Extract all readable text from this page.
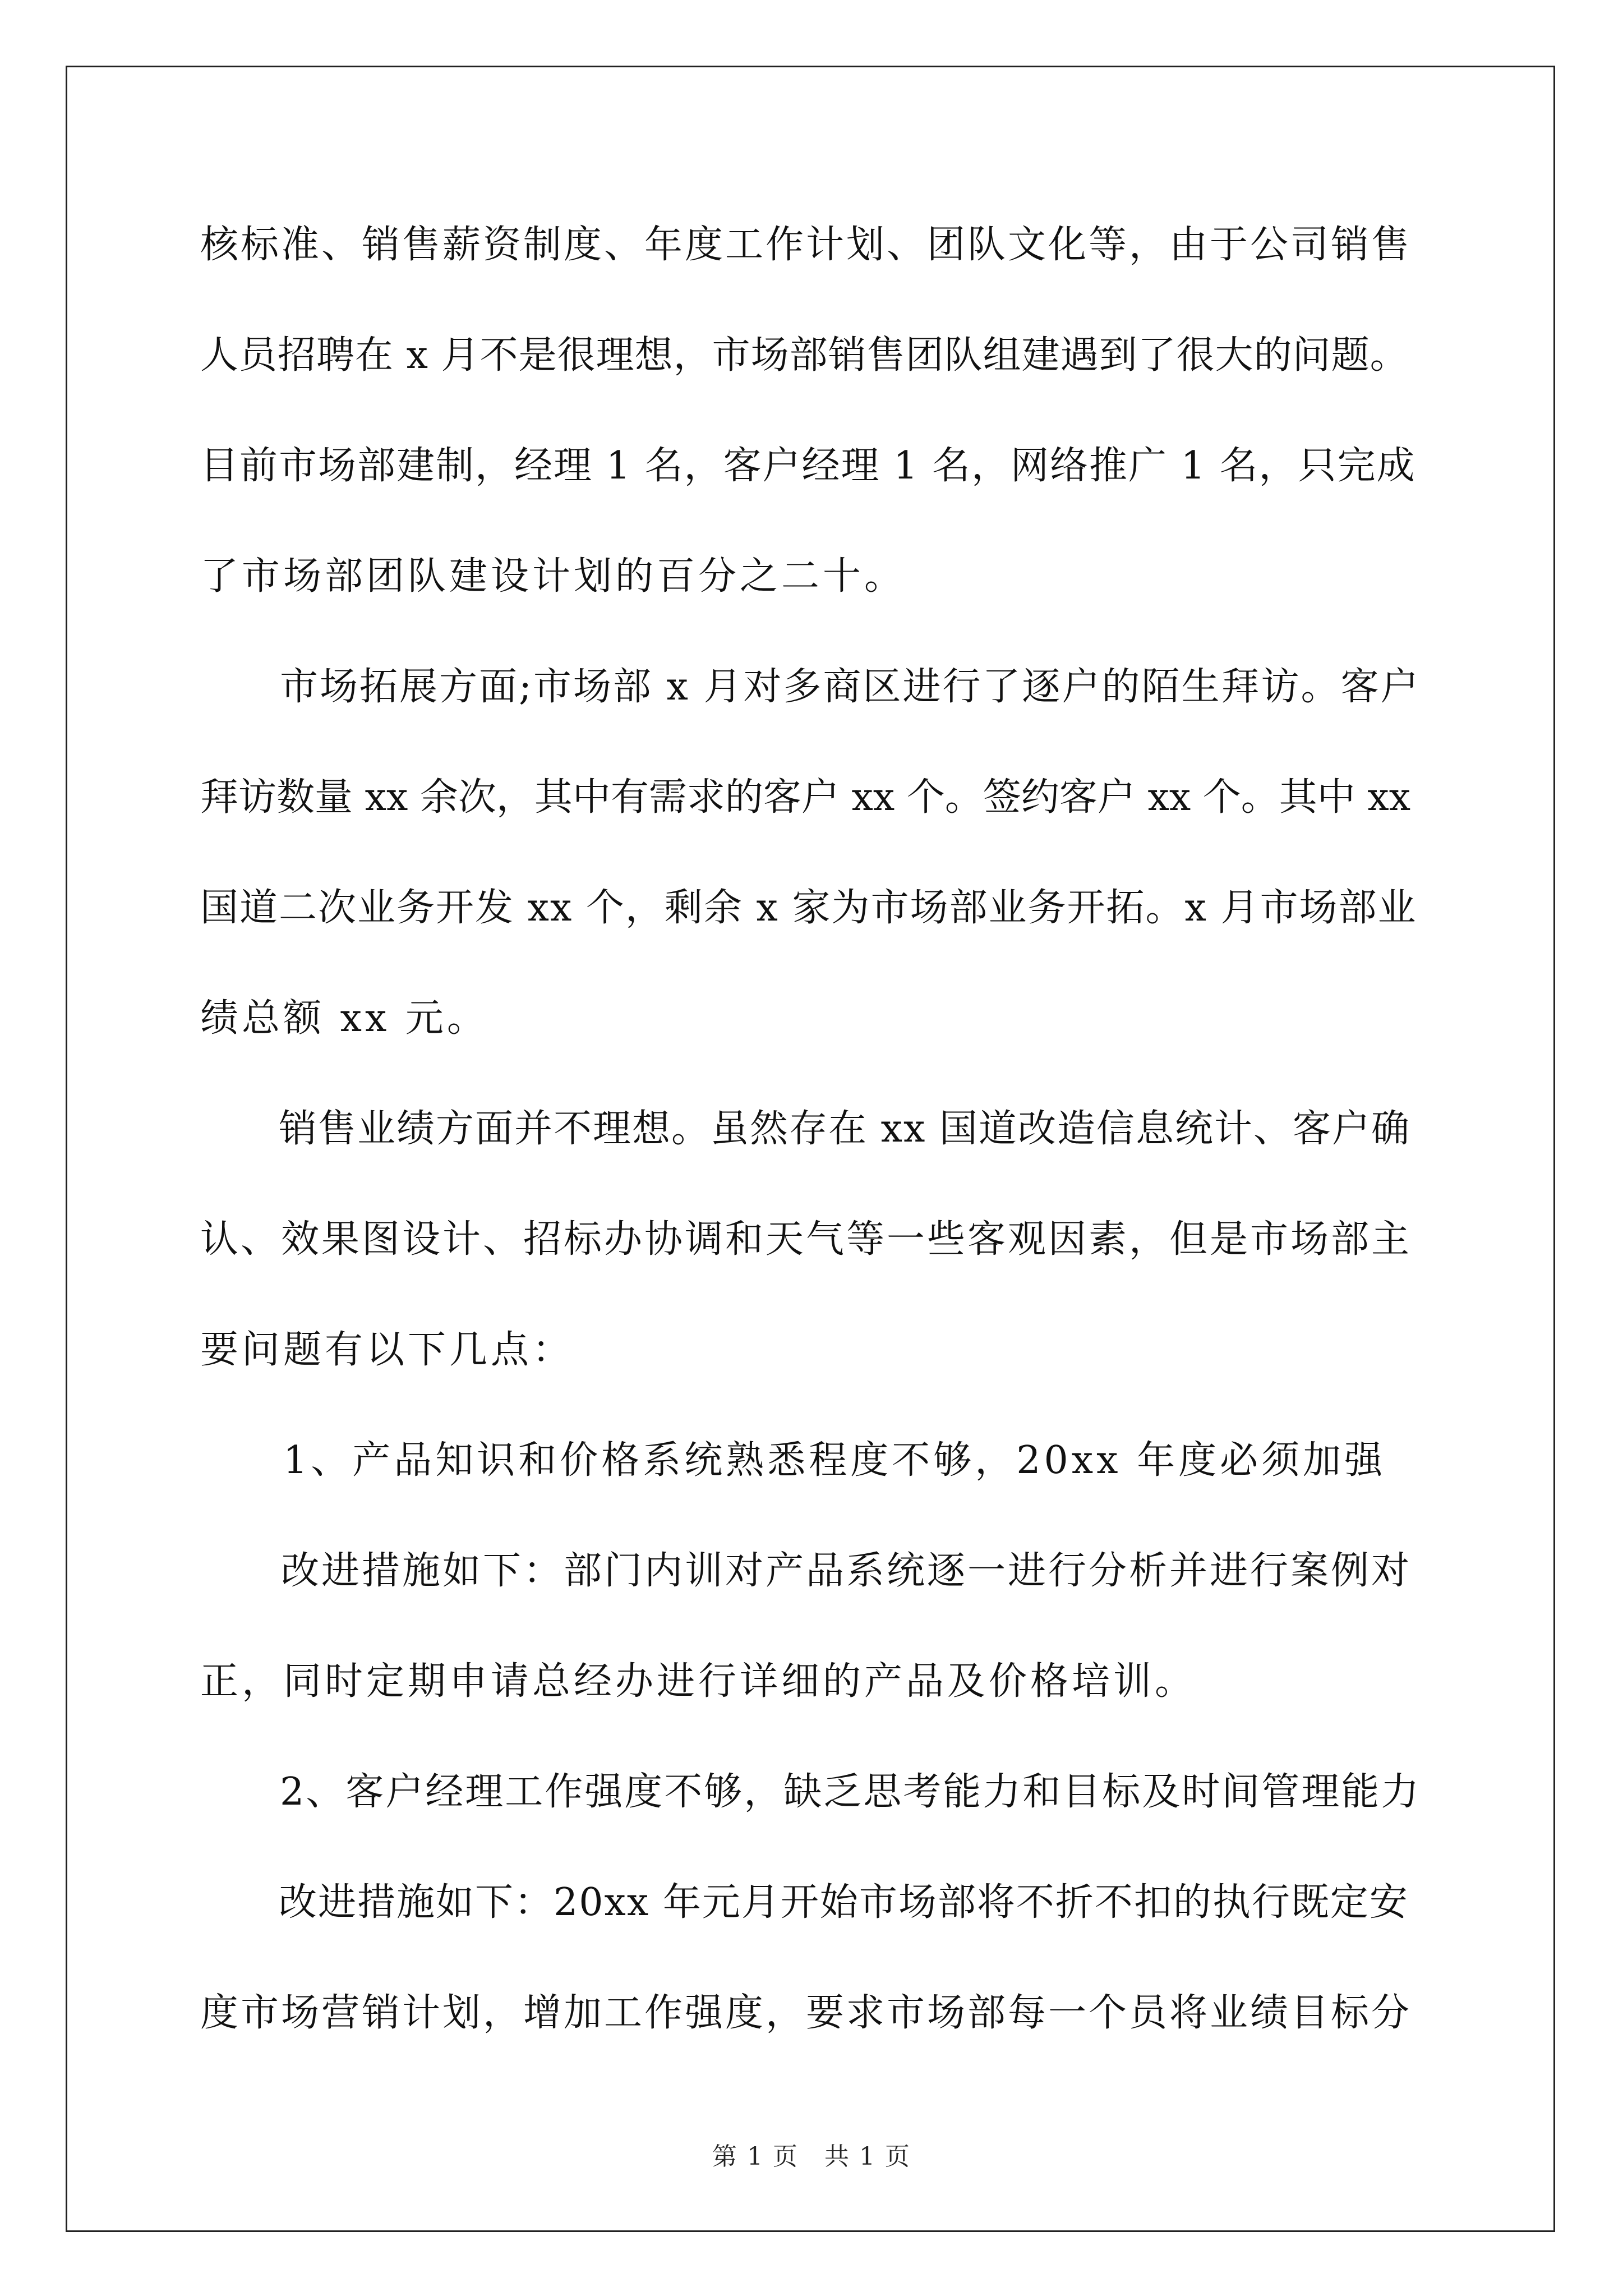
核标准、销售薪资制度、年度工作计划、团队文化等，由于公司销售
人员招聘在 x 月不是很理想，市场部销售团队组建遇到了很大的问题。
目前市场部建制，经理 1 名，客户经理 1 名，网络推广 1 名，只完成
了市场部团队建设计划的百分之二十。
　　市场拓展方面;市场部 x 月对多商区进行了逐户的陌生拜访。客户
拜访数量 xx 余次，其中有需求的客户 xx 个。签约客户 xx 个。其中 xx
国道二次业务开发 xx 个，剩余 x 家为市场部业务开拓。x 月市场部业
绩总额 xx 元。
　　销售业绩方面并不理想。虽然存在 xx 国道改造信息统计、客户确
认、效果图设计、招标办协调和天气等一些客观因素，但是市场部主
要问题有以下几点：
　　1、产品知识和价格系统熟悉程度不够，20xx 年度必须加强
　　改进措施如下：部门内训对产品系统逐一进行分析并进行案例对
正，同时定期申请总经办进行详细的产品及价格培训。
　　2、客户经理工作强度不够，缺乏思考能力和目标及时间管理能力
　　改进措施如下：20xx 年元月开始市场部将不折不扣的执行既定安
度市场营销计划，增加工作强度，要求市场部每一个员将业绩目标分
第 1 页　共 1 页
